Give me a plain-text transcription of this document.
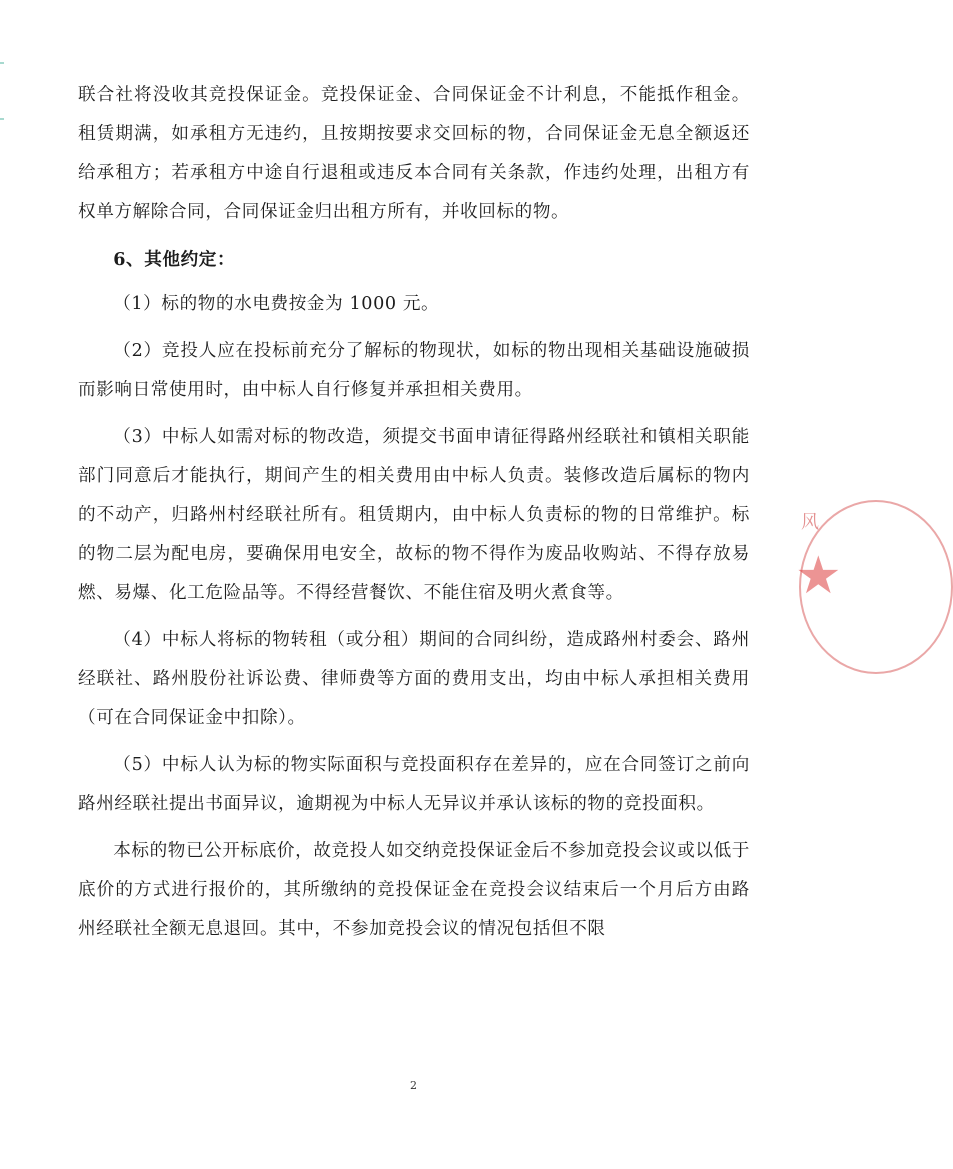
联合社将没收其竞投保证金。竞投保证金、合同保证金不计利息，不能抵作租金。租赁期满，如承租方无违约，且按期按要求交回标的物，合同保证金无息全额返还给承租方；若承租方中途自行退租或违反本合同有关条款，作违约处理，出租方有权单方解除合同，合同保证金归出租方所有，并收回标的物。

6、其他约定：

（1）标的物的水电费按金为 1000 元。

（2）竞投人应在投标前充分了解标的物现状，如标的物出现相关基础设施破损而影响日常使用时，由中标人自行修复并承担相关费用。

（3）中标人如需对标的物改造，须提交书面申请征得路州经联社和镇相关职能部门同意后才能执行，期间产生的相关费用由中标人负责。装修改造后属标的物内的不动产，归路州村经联社所有。租赁期内，由中标人负责标的物的日常维护。标的物二层为配电房，要确保用电安全，故标的物不得作为废品收购站、不得存放易燃、易爆、化工危险品等。不得经营餐饮、不能住宿及明火煮食等。

（4）中标人将标的物转租（或分租）期间的合同纠纷，造成路州村委会、路州经联社、路州股份社诉讼费、律师费等方面的费用支出，均由中标人承担相关费用（可在合同保证金中扣除）。

（5）中标人认为标的物实际面积与竞投面积存在差异的，应在合同签订之前向路州经联社提出书面异议，逾期视为中标人无异议并承认该标的物的竞投面积。

本标的物已公开标底价，故竞投人如交纳竞投保证金后不参加竞投会议或以低于底价的方式进行报价的，其所缴纳的竞投保证金在竞投会议结束后一个月后方由路州经联社全额无息退回。其中，不参加竞投会议的情况包括但不限

风
★
2
